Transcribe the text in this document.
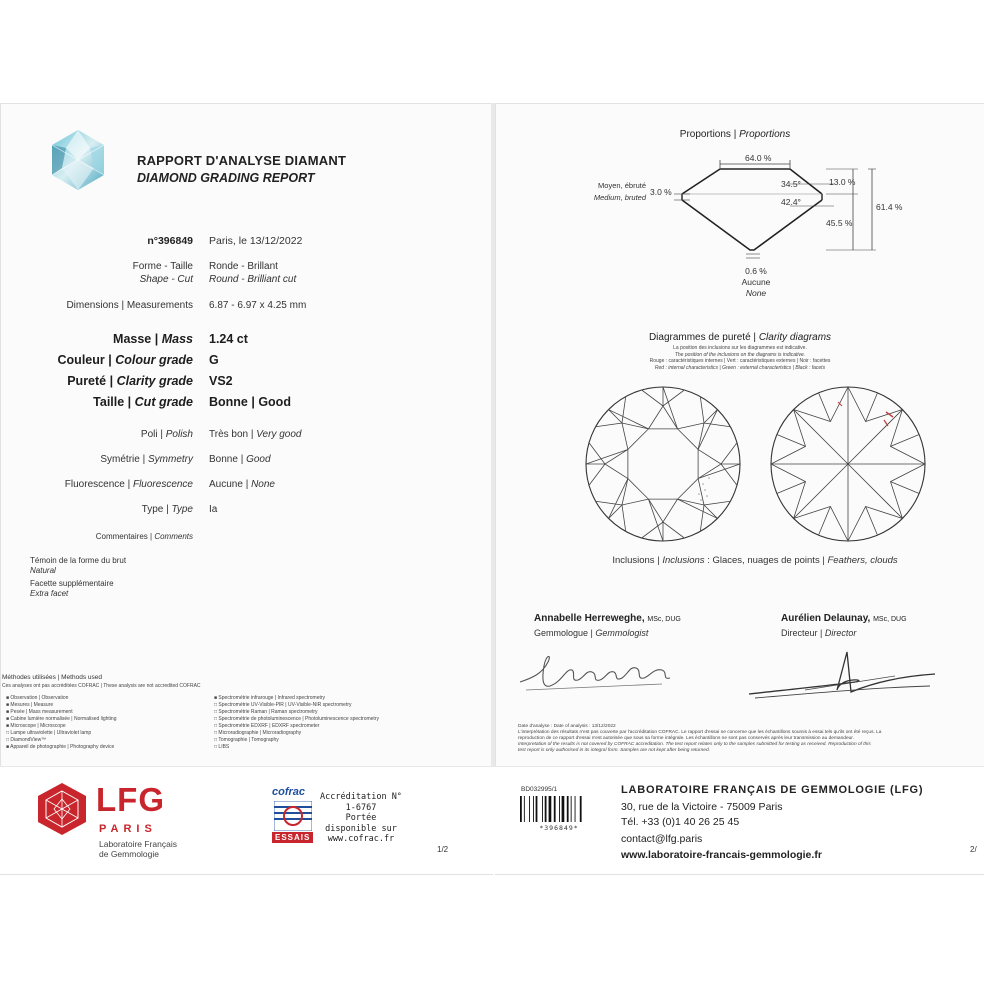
RAPPORT D'ANALYSE DIAMANT
DIAMOND GRADING REPORT
n°396849 Paris, le 13/12/2022
Forme - Taille
Shape - Cut
Ronde - Brillant
Round - Brilliant cut
Dimensions | Measurements 6.87 - 6.97 x 4.25 mm
Masse | Mass 1.24 ct
Couleur | Colour grade G
Pureté | Clarity grade VS2
Taille | Cut grade Bonne | Good
Poli | Polish Très bon | Very good
Symétrie | Symmetry Bonne | Good
Fluorescence | Fluorescence Aucune | None
Type | Type Ia
Commentaires | Comments
Témoin de la forme du brut
Natural
Facette supplémentaire
Extra facet
Méthodes utilisées | Methods used
Ces analyses ont pas accréditées COFRAC | These analysis are not accredited COFRAC
■ Observation | Observation
■ Mesures | Measure
■ Pesée | Mass measurement
■ Cabine lumière normalisée | Normalised lighting
■ Microscope | Microscope
□ Lampe ultraviolette | Ultraviolet lamp
□ DiamondView™
■ Appareil de photographie | Photography device
■ Spectrométrie infrarouge | Infrared spectrometry
□ Spectrométrie UV-Visible-PIR | UV-Visible-NIR spectrometry
□ Spectrométrie Raman | Raman spectrometry
□ Spectrométrie de photoluminescence | Photoluminescence spectrometry
□ Spectrométrie EDXRF | EDXRF spectrometer
□ Microradiographie | Microradiography
□ Tomographie | Tomography
□ LIBS
Proportions | Proportions
64.0 %
34.5°
42.4°
13.0 %
45.5 %
61.4 %
3.0 %
Moyen, ébruté
Medium, bruted
0.6 %
Aucune
None
Diagrammes de pureté | Clarity diagrams
La position des inclusions sur les diagrammes est indicative.
The position of the inclusions on the diagrams is indicative.
Rouge : caractéristiques internes | Vert : caractéristiques externes | Noir : facettes
Red : internal characteristics | Green : external characteristics | Black : facets
Inclusions | Inclusions : Glaces, nuages de points | Feathers, clouds
Annabelle Herreweghe, MSc, DUG
Gemmologue | Gemmologist
Aurélien Delaunay, MSc, DUG
Directeur | Director
Date d'analyse : Date of analysis : 13/12/2022
L'interprétation des résultats n'est pas couverte par l'accréditation COFRAC. Le rapport d'essai ne concerne que les échantillons soumis à essai tels qu'ils ont été reçus. La
reproduction de ce rapport d'essai n'est autorisée que sous sa forme intégrale. Les échantillons ne sont pas conservés après leur transmission au demandeur.
Interpretation of the results is not covered by COFRAC accreditation. The test report relates only to the samples submitted for testing as received. Reproduction of this
test report is only authorised in its integral form. Samples are not kept after being returned.
LFG
PARIS
Laboratoire Français
de Gemmologie
cofrac
ESSAIS
Accréditation N°
1-6767
Portée
disponible sur
www.cofrac.fr
1/2
BD032995/1
*396849*
LABORATOIRE FRANÇAIS DE GEMMOLOGIE (LFG)
30, rue de la Victoire - 75009 Paris
Tél. +33 (0)1 40 26 25 45
contact@lfg.paris
www.laboratoire-francais-gemmologie.fr	2/
